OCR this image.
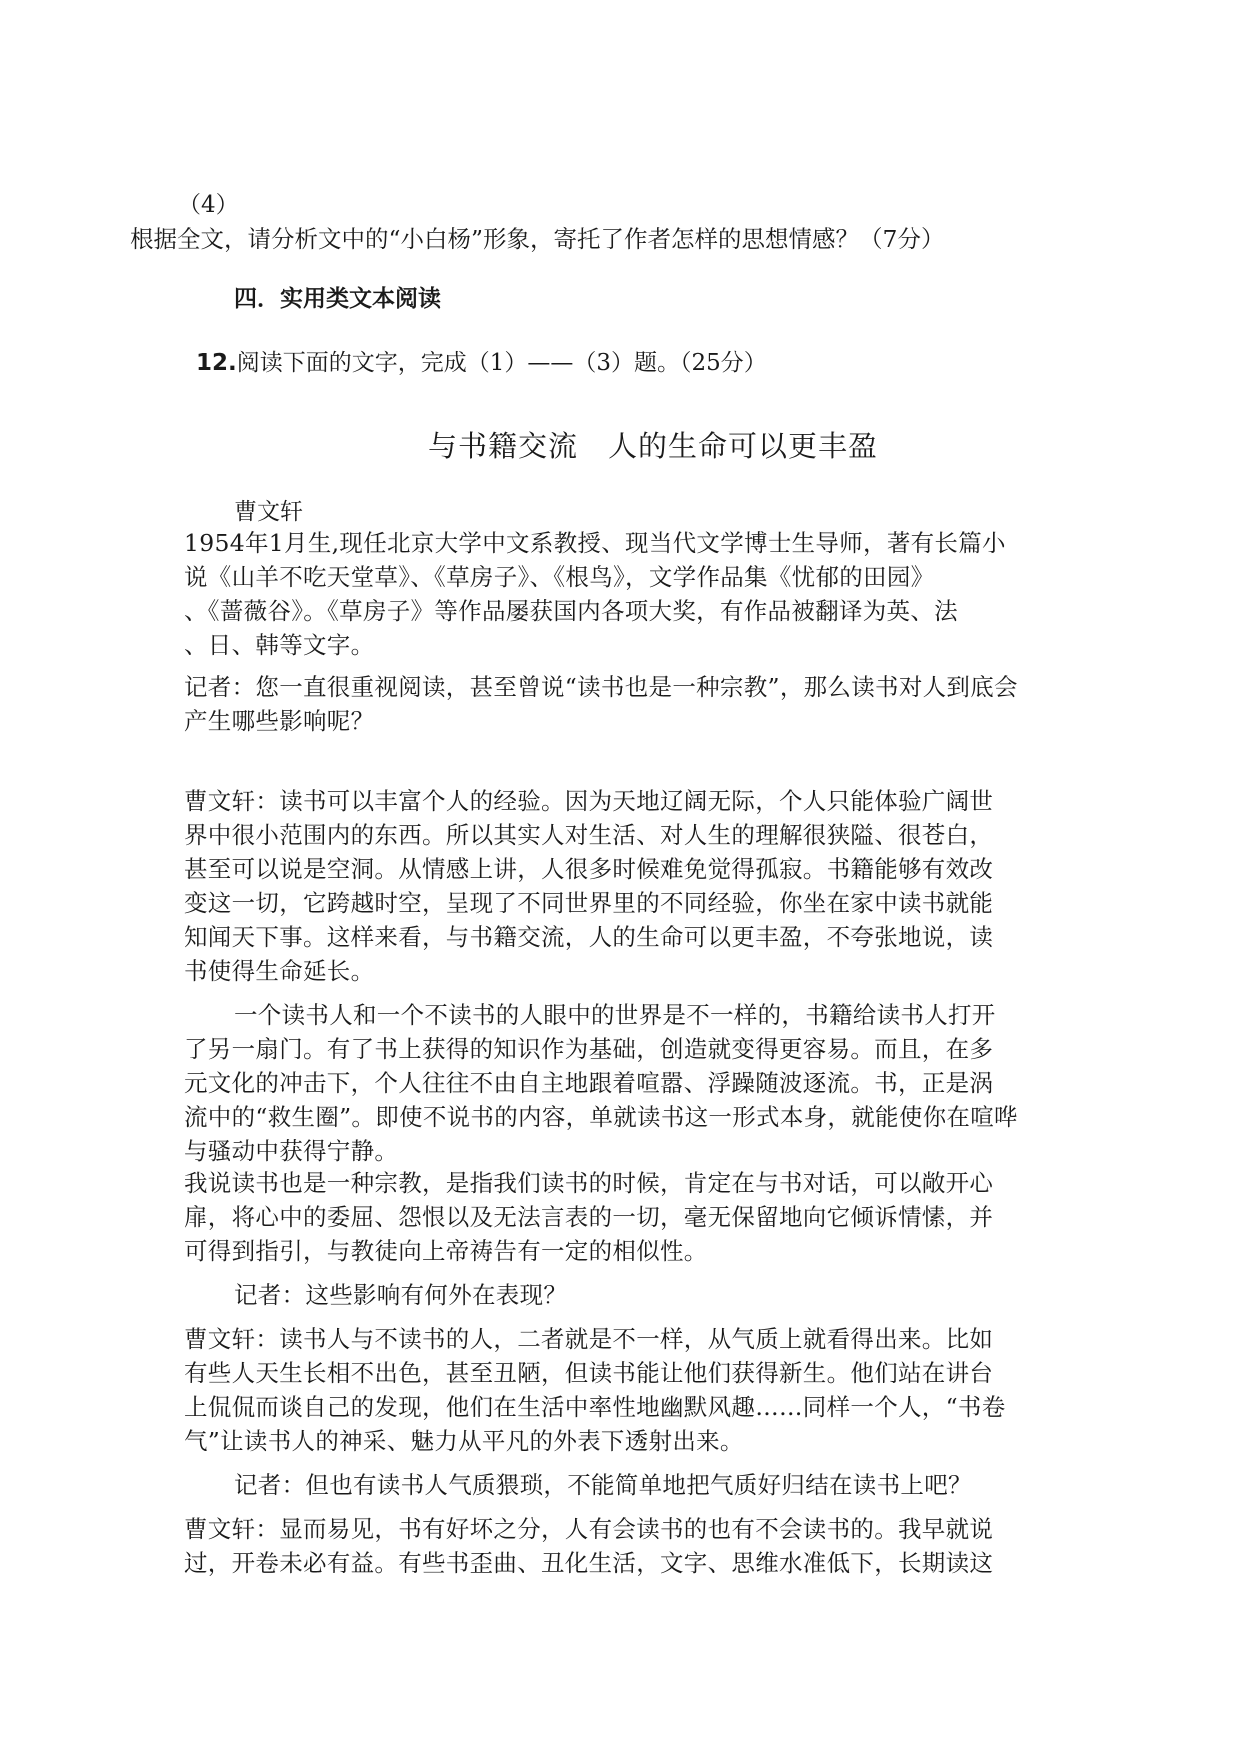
（4）
根据全文，请分析文中的“小白杨”形象，寄托了作者怎样的思想情感？（7分）
四．实用类文本阅读
12.阅读下面的文字，完成（1）——（3）题。（25分）
与书籍交流　人的生命可以更丰盈
曹文轩
1954年1月生,现任北京大学中文系教授、现当代文学博士生导师，著有长篇小
说《山羊不吃天堂草》、《草房子》、《根鸟》，文学作品集《忧郁的田园》
、《蔷薇谷》。《草房子》等作品屡获国内各项大奖，有作品被翻译为英、法
、日、韩等文字。
记者：您一直很重视阅读，甚至曾说“读书也是一种宗教”，那么读书对人到底会
产生哪些影响呢？
曹文轩：读书可以丰富个人的经验。因为天地辽阔无际，个人只能体验广阔世
界中很小范围内的东西。所以其实人对生活、对人生的理解很狭隘、很苍白，
甚至可以说是空洞。从情感上讲，人很多时候难免觉得孤寂。书籍能够有效改
变这一切，它跨越时空，呈现了不同世界里的不同经验，你坐在家中读书就能
知闻天下事。这样来看，与书籍交流，人的生命可以更丰盈，不夸张地说，读
书使得生命延长。
一个读书人和一个不读书的人眼中的世界是不一样的，书籍给读书人打开
了另一扇门。有了书上获得的知识作为基础，创造就变得更容易。而且，在多
元文化的冲击下，个人往往不由自主地跟着喧嚣、浮躁随波逐流。书，正是涡
流中的“救生圈”。即使不说书的内容，单就读书这一形式本身，就能使你在喧哗
与骚动中获得宁静。
我说读书也是一种宗教，是指我们读书的时候，肯定在与书对话，可以敞开心
扉，将心中的委屈、怨恨以及无法言表的一切，毫无保留地向它倾诉情愫，并
可得到指引，与教徒向上帝祷告有一定的相似性。
记者：这些影响有何外在表现？
曹文轩：读书人与不读书的人，二者就是不一样，从气质上就看得出来。比如
有些人天生长相不出色，甚至丑陋，但读书能让他们获得新生。他们站在讲台
上侃侃而谈自己的发现，他们在生活中率性地幽默风趣……同样一个人，“书卷
气”让读书人的神采、魅力从平凡的外表下透射出来。
记者：但也有读书人气质猥琐，不能简单地把气质好归结在读书上吧？
曹文轩：显而易见，书有好坏之分，人有会读书的也有不会读书的。我早就说
过，开卷未必有益。有些书歪曲、丑化生活，文字、思维水准低下，长期读这
